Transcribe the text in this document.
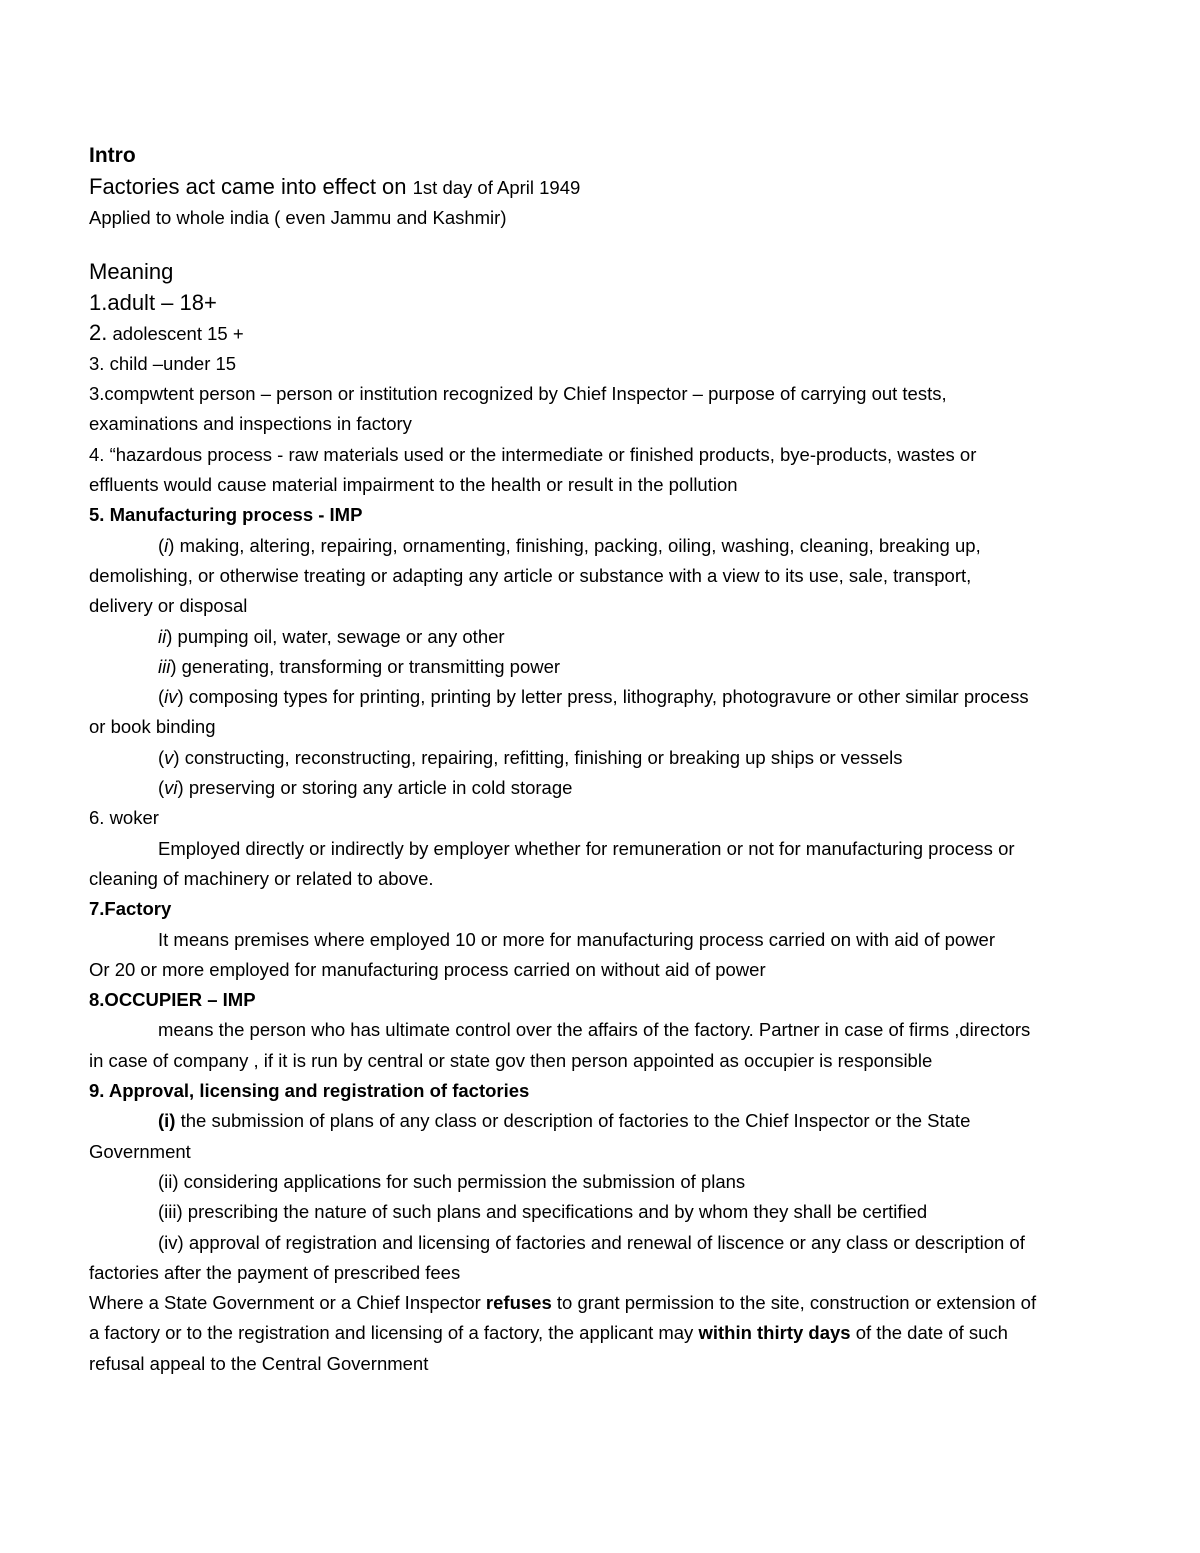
Intro
Factories act came into effect on 1st day of April 1949
Applied to whole india ( even Jammu and Kashmir)
Meaning
1.adult – 18+
2. adolescent 15 +
3. child –under 15
3.compwtent person – person or institution recognized by Chief Inspector – purpose of carrying out tests,
examinations and inspections in factory
4. “hazardous process - raw materials used or the intermediate or finished products, bye-products, wastes or
effluents would cause material impairment to the health or result in the pollution
5. Manufacturing process - IMP
(i) making, altering, repairing, ornamenting, finishing, packing, oiling, washing, cleaning, breaking up,
demolishing, or otherwise treating or adapting any article or substance with a view to its use, sale, transport,
delivery or disposal
ii) pumping oil, water, sewage or any other
iii) generating, transforming or transmitting power
(iv) composing types for printing, printing by letter press, lithography, photogravure or other similar process
or book binding
(v) constructing, reconstructing, repairing, refitting, finishing or breaking up ships or vessels
(vi) preserving or storing any article in cold storage
6. woker
Employed directly or indirectly by employer whether for remuneration or not for manufacturing process or
cleaning of machinery or related to above.
7.Factory
It means premises where employed 10 or more for manufacturing process carried on with aid of power
Or 20 or more employed for manufacturing process carried on without aid of power
8.OCCUPIER – IMP
means the person who has ultimate control over the affairs of the factory. Partner in case of firms ,directors
in case of company , if it is run by central or state gov then person appointed as occupier is responsible
9. Approval, licensing and registration of factories
(i) the submission of plans of any class or description of factories to the Chief Inspector or the State
Government
(ii) considering applications for such permission the submission of plans
(iii) prescribing the nature of such plans and specifications and by whom they shall be certified
(iv) approval of registration and licensing of factories and renewal of liscence or any class or description of
factories after the payment of prescribed fees
Where a State Government or a Chief Inspector refuses to grant permission to the site, construction or extension of
a factory or to the registration and licensing of a factory, the applicant may within thirty days of the date of such
refusal appeal to the Central Government
